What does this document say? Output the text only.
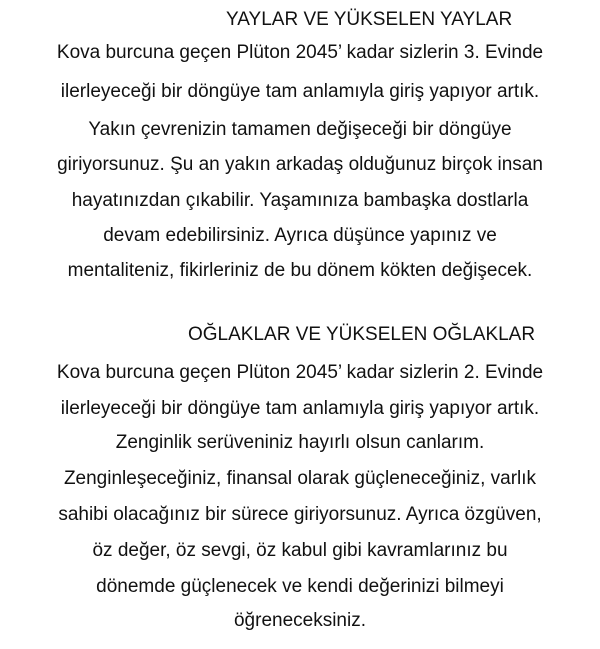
YAYLAR VE YÜKSELEN YAYLAR
Kova burcuna geçen Plüton 2045’ kadar sizlerin 3. Evinde
ilerleyeceği bir döngüye tam anlamıyla giriş yapıyor artık.
Yakın çevrenizin tamamen değişeceği bir döngüye
giriyorsunuz. Şu an yakın arkadaş olduğunuz birçok insan
hayatınızdan çıkabilir. Yaşamınıza bambaşka dostlarla
devam edebilirsiniz. Ayrıca düşünce yapınız ve
mentaliteniz, fikirleriniz de bu dönem kökten değişecek.
OĞLAKLAR VE YÜKSELEN OĞLAKLAR
Kova burcuna geçen Plüton 2045’ kadar sizlerin 2. Evinde
ilerleyeceği bir döngüye tam anlamıyla giriş yapıyor artık.
Zenginlik serüveniniz hayırlı olsun canlarım.
Zenginleşeceğiniz, finansal olarak güçleneceğiniz, varlık
sahibi olacağınız bir sürece giriyorsunuz. Ayrıca özgüven,
öz değer, öz sevgi, öz kabul gibi kavramlarınız bu
dönemde güçlenecek ve kendi değerinizi bilmeyi
öğreneceksiniz.
